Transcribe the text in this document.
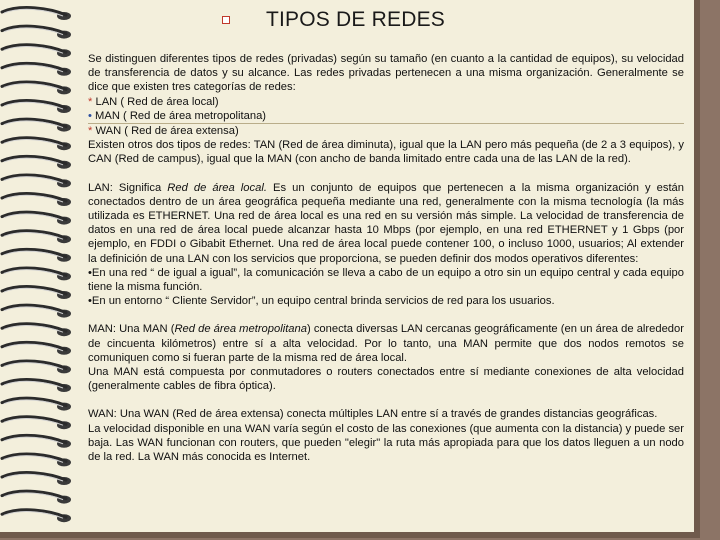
TIPOS DE REDES

Se distinguen diferentes tipos de redes (privadas) según su tamaño (en cuanto a la cantidad de equipos), su velocidad de transferencia de datos y su alcance. Las redes privadas pertenecen a una misma organización. Generalmente se dice que existen tres categorías de redes:

* LAN ( Red de área local)

• MAN ( Red de área metropolitana)

* WAN ( Red de área extensa)

Existen otros dos tipos de redes: TAN (Red de área diminuta), igual que la LAN pero más pequeña (de 2 a 3 equipos), y CAN (Red de campus), igual que la MAN (con ancho de banda limitado entre cada una de las LAN de la red).

LAN: Significa Red de área local. Es un conjunto de equipos que pertenecen a la misma organización y están conectados dentro de un área geográfica pequeña mediante una red, generalmente con la misma tecnología (la más utilizada es ETHERNET. Una red de área local es una red en su versión más simple. La velocidad de transferencia de datos en una red de área local puede alcanzar hasta 10 Mbps (por ejemplo, en una red ETHERNET y 1 Gbps (por ejemplo, en FDDI o Gibabit Ethernet. Una red de área local puede contener 100, o incluso 1000, usuarios; Al extender la definición de una LAN con los servicios que proporciona, se pueden definir dos modos operativos diferentes:

•En una red “ de igual a igual”, la comunicación se lleva a cabo de un equipo a otro sin un equipo central y cada equipo tiene la misma función.

•En un entorno “ Cliente Servidor”, un equipo central brinda servicios de red para los usuarios.

MAN: Una MAN (Red de área metropolitana) conecta diversas LAN cercanas geográficamente (en un área de alrededor de cincuenta kilómetros) entre sí a alta velocidad. Por lo tanto, una MAN permite que dos nodos remotos se comuniquen como si fueran parte de la misma red de área local.

Una MAN está compuesta por conmutadores o routers conectados entre sí mediante conexiones de alta velocidad (generalmente cables de fibra óptica).

WAN: Una WAN (Red de área extensa) conecta múltiples LAN entre sí a través de grandes distancias geográficas.

La velocidad disponible en una WAN varía según el costo de las conexiones (que aumenta con la distancia) y puede ser baja. Las WAN funcionan con routers, que pueden "elegir" la ruta más apropiada para que los datos lleguen a un nodo de la red. La WAN más conocida es Internet.
